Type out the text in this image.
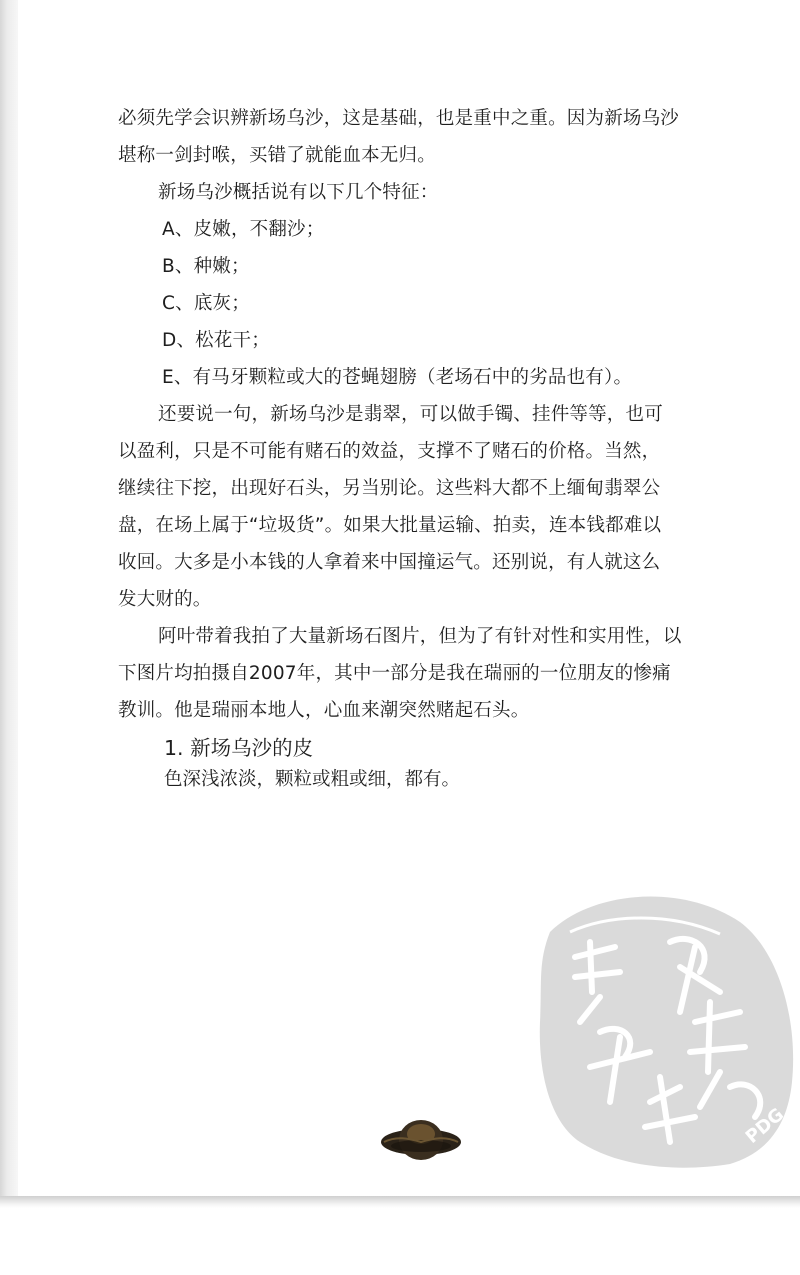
必须先学会识辨新场乌沙，这是基础，也是重中之重。因为新场乌沙
堪称一剑封喉，买错了就能血本无归。
新场乌沙概括说有以下几个特征：
A、皮嫩，不翻沙；
B、种嫩；
C、底灰；
D、松花干；
E、有马牙颗粒或大的苍蝇翅膀（老场石中的劣品也有）。
还要说一句，新场乌沙是翡翠，可以做手镯、挂件等等，也可
以盈利，只是不可能有赌石的效益，支撑不了赌石的价格。当然，
继续往下挖，出现好石头，另当别论。这些料大都不上缅甸翡翠公
盘，在场上属于“垃圾货”。如果大批量运输、拍卖，连本钱都难以
收回。大多是小本钱的人拿着来中国撞运气。还别说，有人就这么
发大财的。
阿叶带着我拍了大量新场石图片，但为了有针对性和实用性，以
下图片均拍摄自2007年，其中一部分是我在瑞丽的一位朋友的惨痛
教训。他是瑞丽本地人，心血来潮突然赌起石头。
1. 新场乌沙的皮
色深浅浓淡，颗粒或粗或细，都有。
PDG
